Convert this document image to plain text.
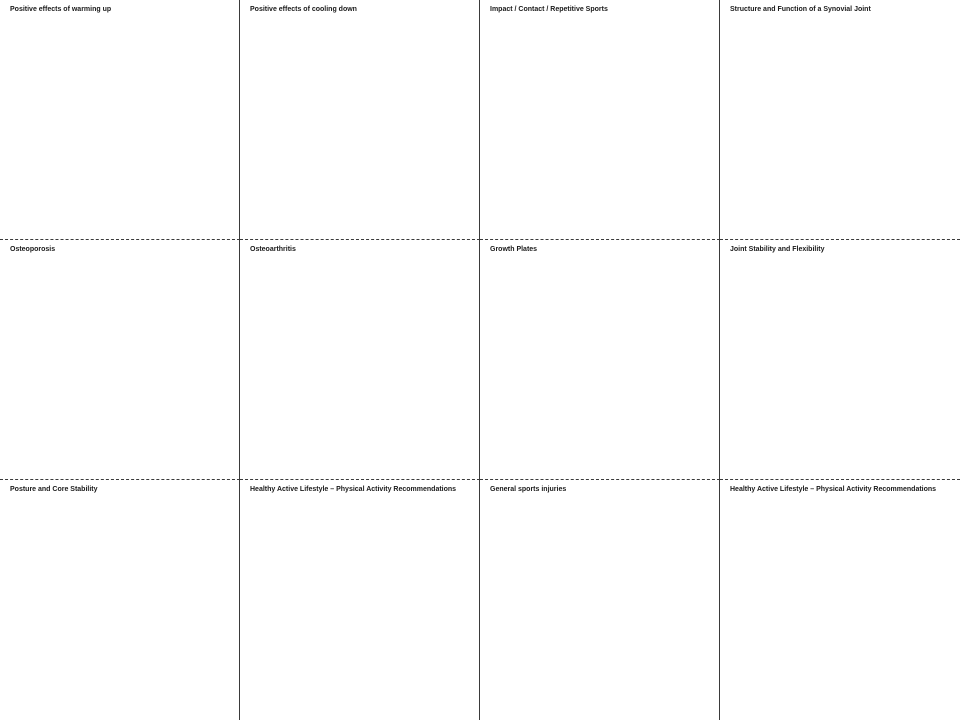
Positive effects of warming up	Positive effects of cooling down	Impact / Contact / Repetitive Sports	Structure and Function of a Synovial Joint
Osteoporosis	Osteoarthritis	Growth Plates	Joint Stability and Flexibility
Posture and Core Stability	Healthy Active Lifestyle – Physical Activity Recommendations	General sports injuries	Healthy Active Lifestyle – Physical Activity Recommendations
